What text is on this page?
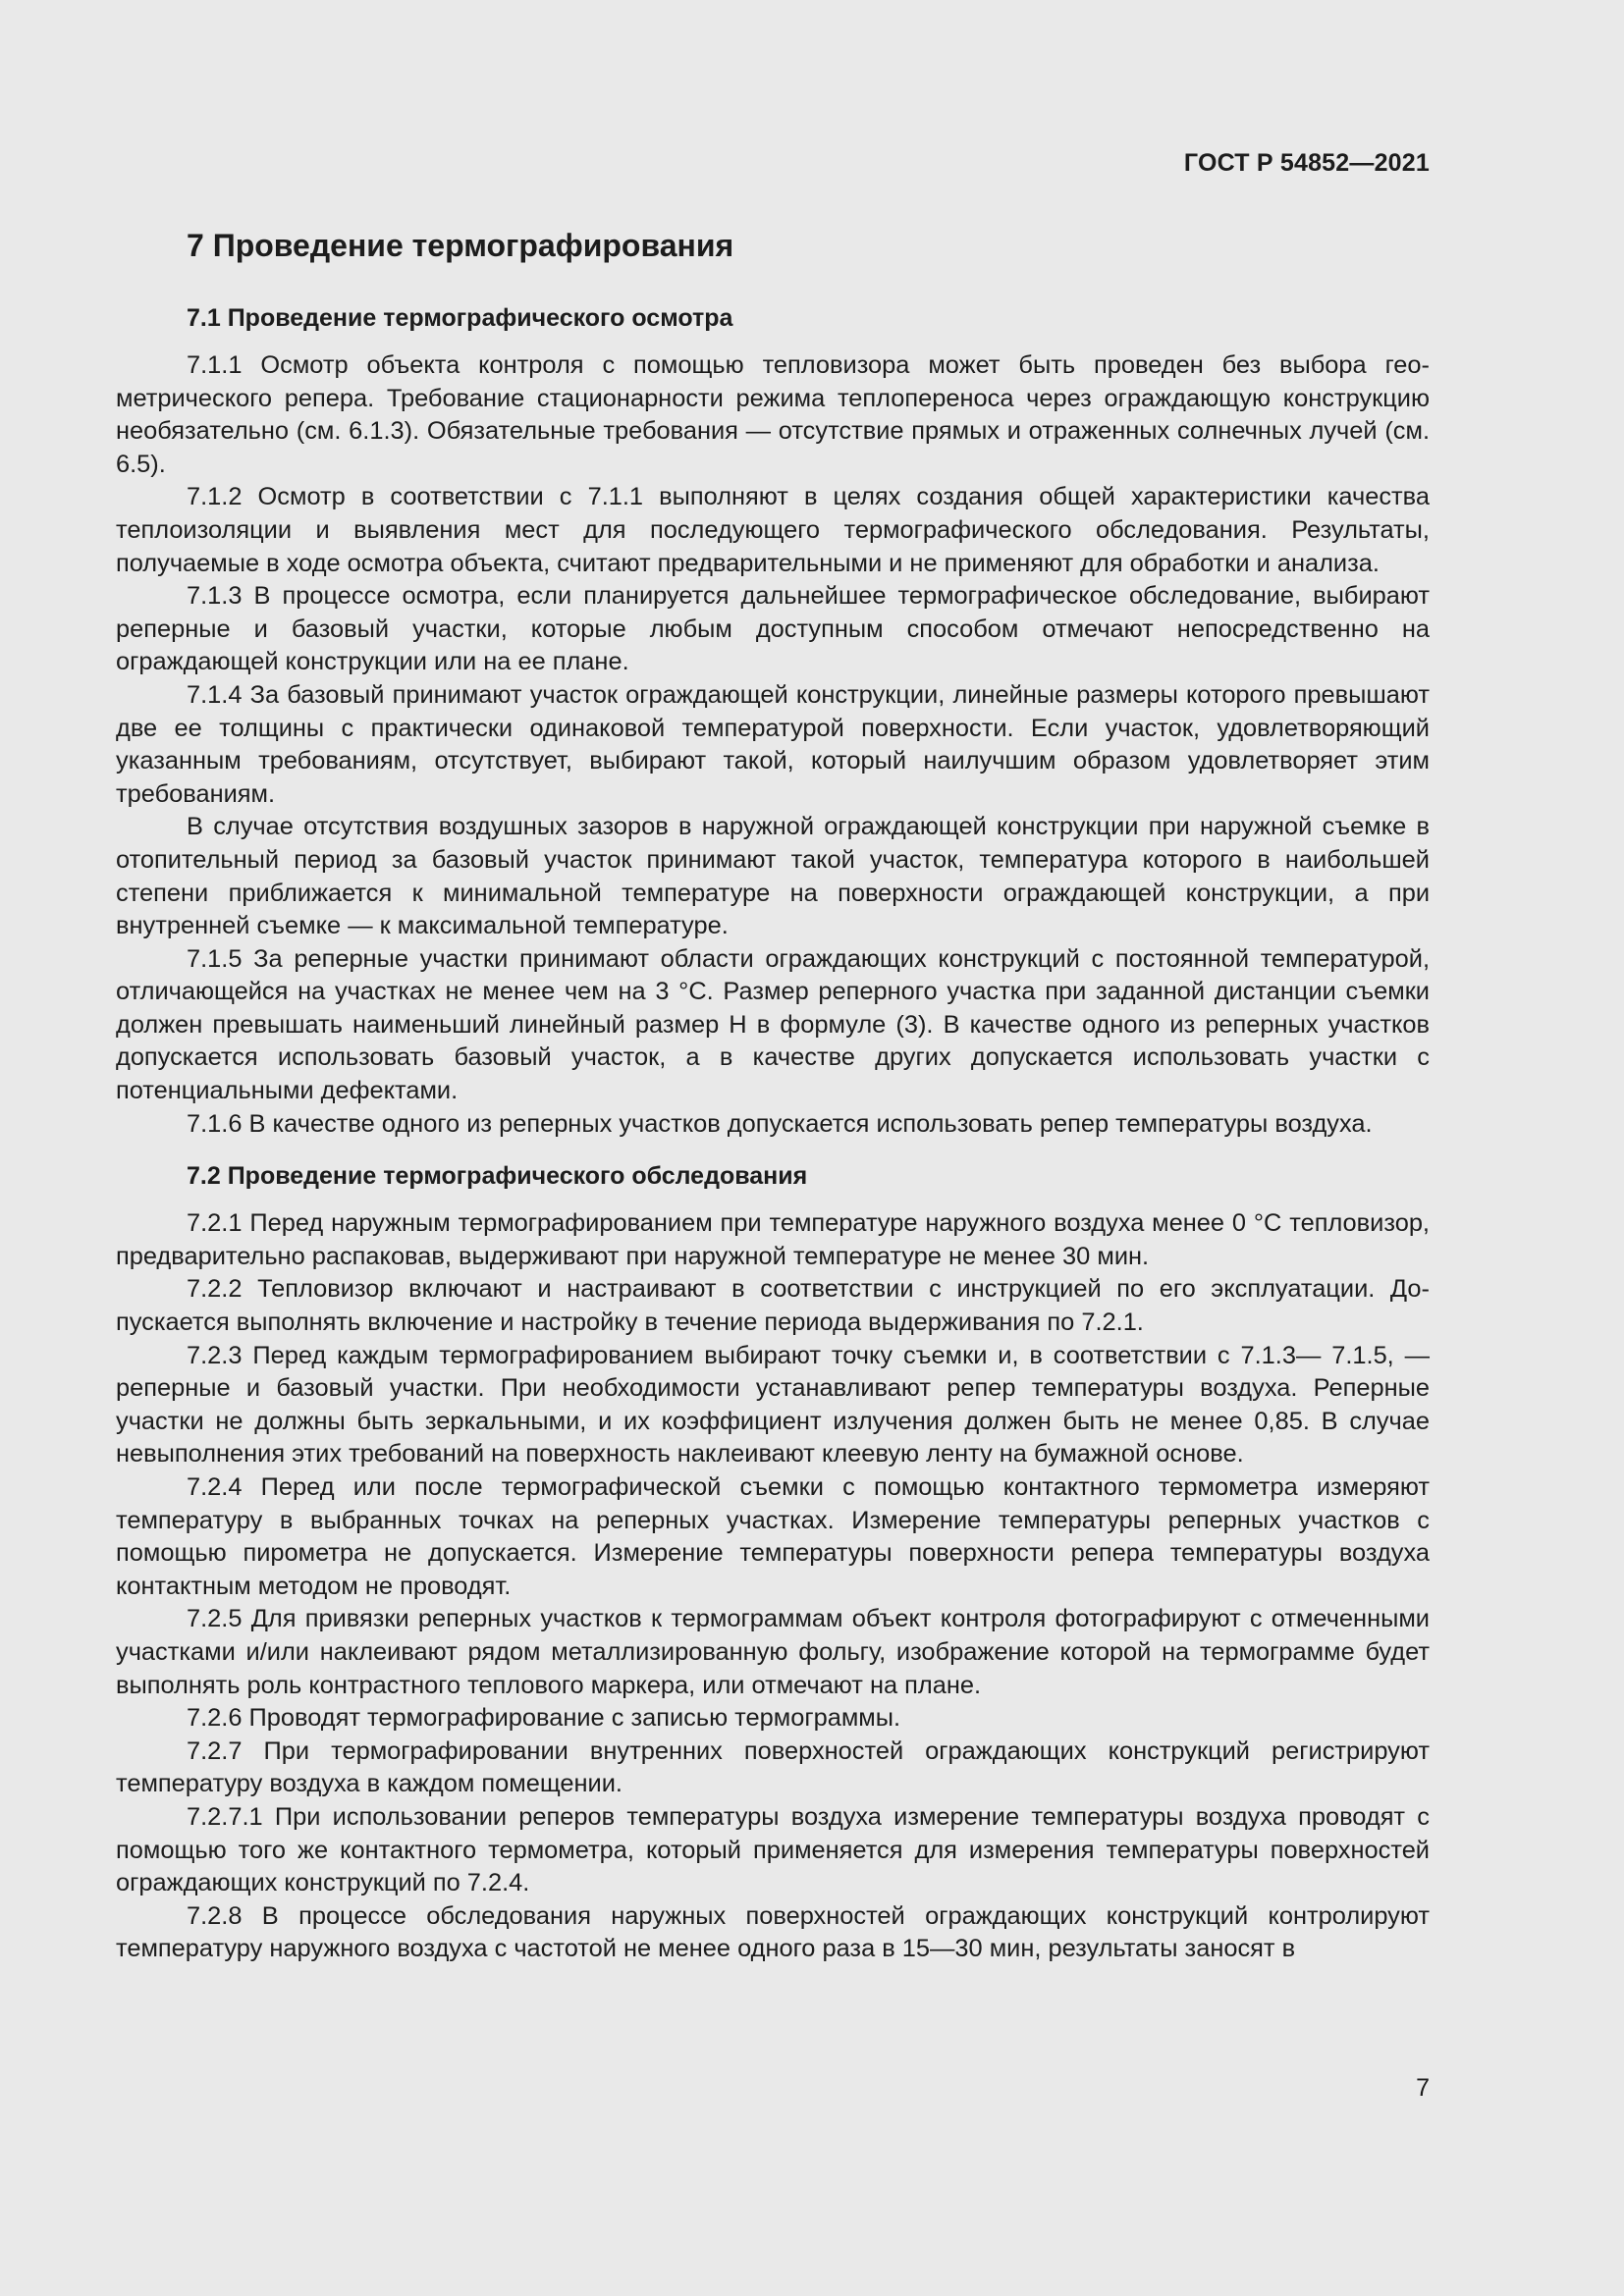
ГОСТ Р 54852—2021
7 Проведение термографирования
7.1 Проведение термографического осмотра

7.1.1 Осмотр объекта контроля с помощью тепловизора может быть проведен без выбора геометрического репера. Требование стационарности режима теплопереноса через ограждающую конструкцию необязательно (см. 6.1.3). Обязательные требования — отсутствие прямых и отраженных солнечных лучей (см. 6.5).

7.1.2 Осмотр в соответствии с 7.1.1 выполняют в целях создания общей характеристики качества теплоизоляции и выявления мест для последующего термографического обследования. Результаты, получаемые в ходе осмотра объекта, считают предварительными и не применяют для обработки и анализа.

7.1.3 В процессе осмотра, если планируется дальнейшее термографическое обследование, выбирают реперные и базовый участки, которые любым доступным способом отмечают непосредственно на ограждающей конструкции или на ее плане.

7.1.4 За базовый принимают участок ограждающей конструкции, линейные размеры которого превышают две ее толщины с практически одинаковой температурой поверхности. Если участок, удовлетворяющий указанным требованиям, отсутствует, выбирают такой, который наилучшим образом удовлетворяет этим требованиям.

В случае отсутствия воздушных зазоров в наружной ограждающей конструкции при наружной съемке в отопительный период за базовый участок принимают такой участок, температура которого в наибольшей степени приближается к минимальной температуре на поверхности ограждающей конструкции, а при внутренней съемке — к максимальной температуре.

7.1.5 За реперные участки принимают области ограждающих конструкций с постоянной температурой, отличающейся на участках не менее чем на 3 °С. Размер реперного участка при заданной дистанции съемки должен превышать наименьший линейный размер Н в формуле (3). В качестве одного из реперных участков допускается использовать базовый участок, а в качестве других допускается использовать участки с потенциальными дефектами.

7.1.6 В качестве одного из реперных участков допускается использовать репер температуры воздуха.

7.2 Проведение термографического обследования

7.2.1 Перед наружным термографированием при температуре наружного воздуха менее 0 °С тепловизор, предварительно распаковав, выдерживают при наружной температуре не менее 30 мин.

7.2.2 Тепловизор включают и настраивают в соответствии с инструкцией по его эксплуатации. Допускается выполнять включение и настройку в течение периода выдерживания по 7.2.1.

7.2.3 Перед каждым термографированием выбирают точку съемки и, в соответствии с 7.1.3— 7.1.5, — реперные и базовый участки. При необходимости устанавливают репер температуры воздуха. Реперные участки не должны быть зеркальными, и их коэффициент излучения должен быть не менее 0,85. В случае невыполнения этих требований на поверхность наклеивают клеевую ленту на бумажной основе.

7.2.4 Перед или после термографической съемки с помощью контактного термометра измеряют температуру в выбранных точках на реперных участках. Измерение температуры реперных участков с помощью пирометра не допускается. Измерение температуры поверхности репера температуры воздуха контактным методом не проводят.

7.2.5 Для привязки реперных участков к термограммам объект контроля фотографируют с отмеченными участками и/или наклеивают рядом металлизированную фольгу, изображение которой на термограмме будет выполнять роль контрастного теплового маркера, или отмечают на плане.

7.2.6 Проводят термографирование с записью термограммы.

7.2.7 При термографировании внутренних поверхностей ограждающих конструкций регистрируют температуру воздуха в каждом помещении.

7.2.7.1 При использовании реперов температуры воздуха измерение температуры воздуха проводят с помощью того же контактного термометра, который применяется для измерения температуры поверхностей ограждающих конструкций по 7.2.4.

7.2.8 В процессе обследования наружных поверхностей ограждающих конструкций контролируют температуру наружного воздуха с частотой не менее одного раза в 15—30 мин, результаты заносят в

7
